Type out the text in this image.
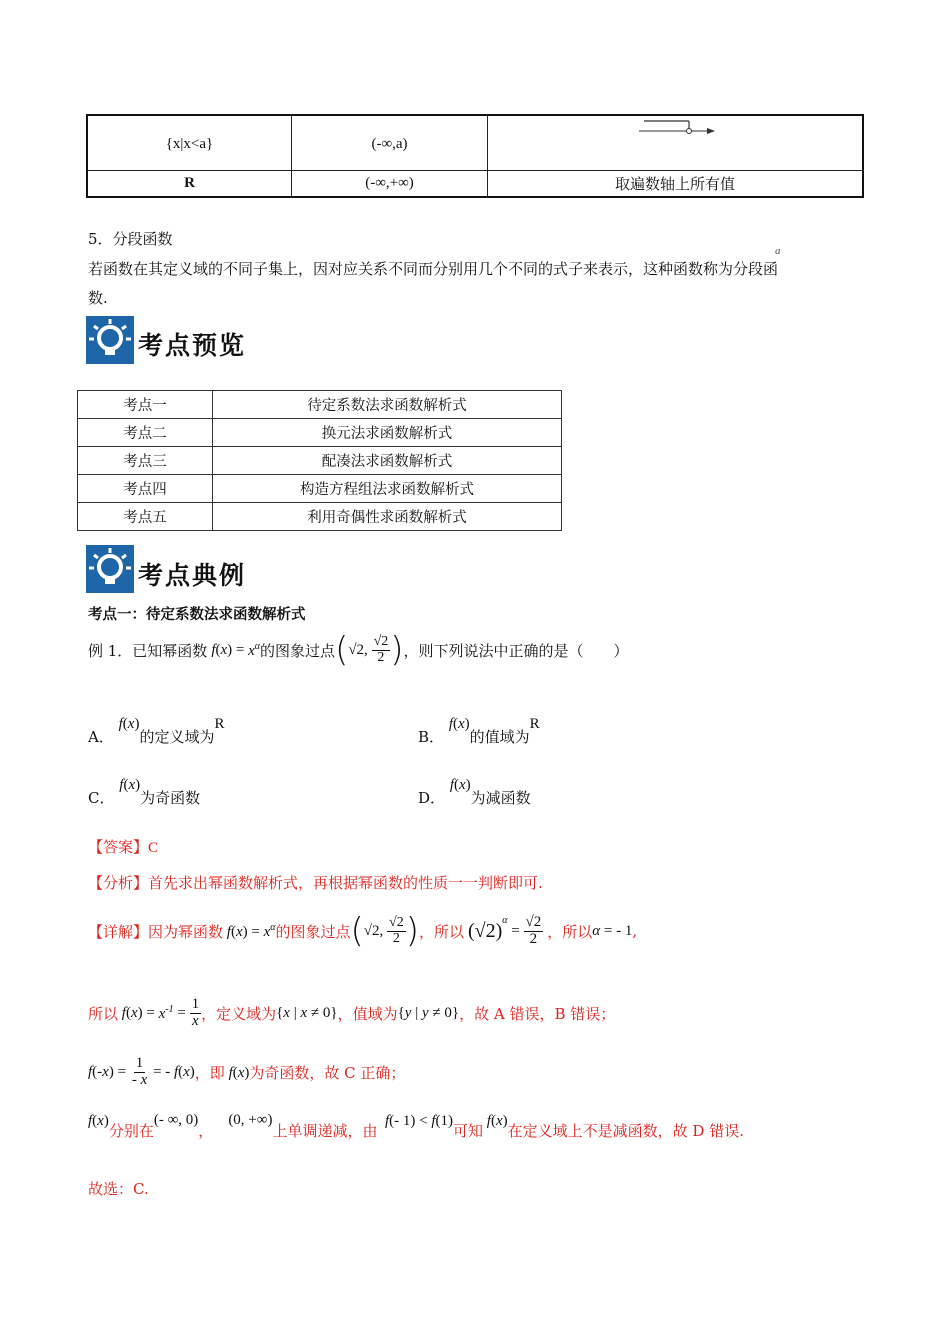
{x|x<a}	(-∞,a)	a

R	(-∞,+∞)	取遍数轴上所有值
5．分段函数
若函数在其定义域的不同子集上，因对应关系不同而分别用几个不同的式子来表示，这种函数称为分段函
数.
考点预览
考点一	待定系数法求函数解析式
考点二	换元法求函数解析式
考点三	配凑法求函数解析式
考点四	构造方程组法求函数解析式
考点五	利用奇偶性求函数解析式
考点典例
考点一：待定系数法求函数解析式
例 1．已知幂函数 f ( x ) = $x^\alpha$ 的图象过点 ( √2, $\frac{√2}{2}$ ) ，则下列说法中正确的是（　　）
A． f(x)的定义域为R
B． f(x)的值域为R
C． f(x)为奇函数	D． f(x)为减函数
【答案】C
【分析】首先求出幂函数解析式，再根据幂函数的性质一一判断即可.
【详解】 因为幂函数 $f(x) = x^\alpha$ 的图象过点 ( √2, $\frac{√2}{2}$ ) ，所以 $(√2)^\alpha$
= $\frac{√2}{2}$ ，所以 α = - 1 ,
所以 f ( x ) = $x^{-1} = \frac{1}{x}$ ，定义域为 {x | x ≠ 0} ，值域为 {y | y ≠ 0} ，故 A 错误，B 错误；
f (- x ) = $\frac{1}{- x}$ = - f ( x ) ，即 f(x) 为奇函数，故 C 正确；
f(x)
分别在
(- ∞, 0)
，
(0, +∞)
上单调递减，由
f(- 1) < f(1)
可知
f(x)
在定义域上不是减函数，故 D 错误.
故选：C.
